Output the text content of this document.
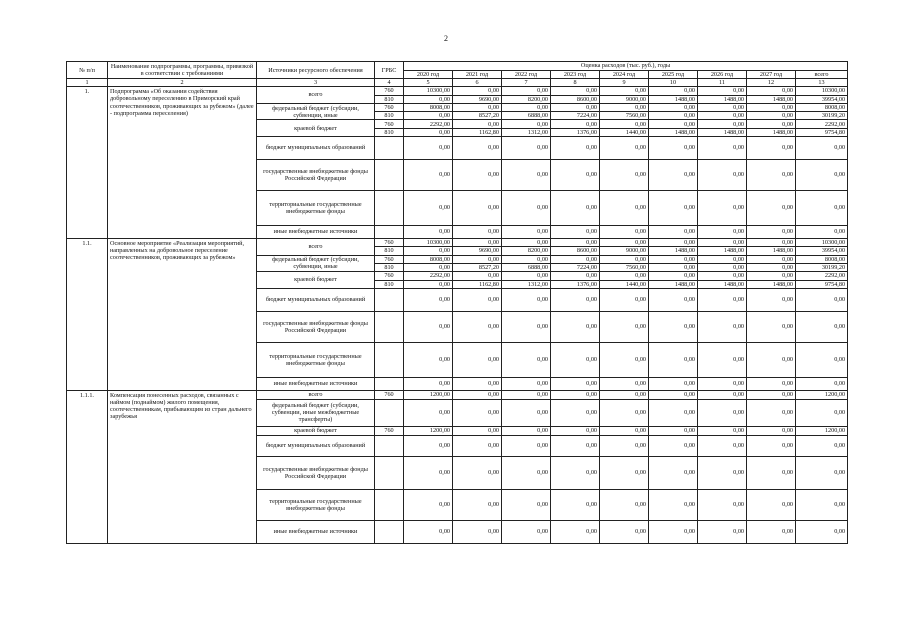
2
№ п/п	Наименование подпрограммы, программы, привязкой в соответствии с требованиями	Источники ресурсного обеспечения	ГРБС	Оценка расходов (тыс. руб.), годы								
				2020 год	2021 год	2022 год	2023 год	2024 год	2025 год	2026 год	2027 год	всего
1	2	3	4	5	6	7	8	9	10	11	12	13
1.	Подпрограмма «Об оказании содействия добровольному переселению в Приморский край соотечественников, проживающих за рубежом» (далее - подпрограмма переселения)	всего	760	10300,00	0,00	0,00	0,00	0,00	0,00	0,00	0,00	10300,00
			810	0,00	9690,00	8200,00	8600,00	9000,00	1488,00	1488,00	1488,00	39954,00
		федеральный бюджет (субсидии, субвенции, иные	760	8008,00	0,00	0,00	0,00	0,00	0,00	0,00	0,00	8008,00
			810	0,00	8527,20	6888,00	7224,00	7560,00	0,00	0,00	0,00	30199,20
		краевой бюджет	760	2292,00	0,00	0,00	0,00	0,00	0,00	0,00	0,00	2292,00
			810	0,00	1162,80	1312,00	1376,00	1440,00	1488,00	1488,00	1488,00	9754,80
		бюджет муниципальных образований		0,00	0,00	0,00	0,00	0,00	0,00	0,00	0,00	0,00
		государственные внебюджетные фонды Российской Федерации		0,00	0,00	0,00	0,00	0,00	0,00	0,00	0,00	0,00
		территориальные государственные внебюджетные фонды		0,00	0,00	0,00	0,00	0,00	0,00	0,00	0,00	0,00
		иные внебюджетные источники		0,00	0,00	0,00	0,00	0,00	0,00	0,00	0,00	0,00
1.1.	Основное мероприятие «Реализация мероприятий, направленных на добровольное переселение соотечественников, проживающих за рубежом»	всего	760	10300,00	0,00	0,00	0,00	0,00	0,00	0,00	0,00	10300,00
			810	0,00	9690,00	8200,00	8600,00	9000,00	1488,00	1488,00	1488,00	39954,00
		федеральный бюджет (субсидии, субвенции, иные	760	8008,00	0,00	0,00	0,00	0,00	0,00	0,00	0,00	8008,00
			810	0,00	8527,20	6888,00	7224,00	7560,00	0,00	0,00	0,00	30199,20
		краевой бюджет	760	2292,00	0,00	0,00	0,00	0,00	0,00	0,00	0,00	2292,00
			810	0,00	1162,80	1312,00	1376,00	1440,00	1488,00	1488,00	1488,00	9754,80
		бюджет муниципальных образований		0,00	0,00	0,00	0,00	0,00	0,00	0,00	0,00	0,00
		государственные внебюджетные фонды Российской Федерации		0,00	0,00	0,00	0,00	0,00	0,00	0,00	0,00	0,00
		территориальные государственные внебюджетные фонды		0,00	0,00	0,00	0,00	0,00	0,00	0,00	0,00	0,00
		иные внебюджетные источники		0,00	0,00	0,00	0,00	0,00	0,00	0,00	0,00	0,00
1.1.1.	Компенсация понесенных расходов, связанных с наймом (поднаймом) жилого помещения, соотечественникам, прибывающим из стран дальнего зарубежья	всего	760	1200,00	0,00	0,00	0,00	0,00	0,00	0,00	0,00	1200,00
		федеральный бюджет (субсидии, субвенции, иные межбюджетные трансферты)		0,00	0,00	0,00	0,00	0,00	0,00	0,00	0,00	0,00
		краевой бюджет	760	1200,00	0,00	0,00	0,00	0,00	0,00	0,00	0,00	1200,00
		бюджет муниципальных образований		0,00	0,00	0,00	0,00	0,00	0,00	0,00	0,00	0,00
		государственные внебюджетные фонды Российской Федерации		0,00	0,00	0,00	0,00	0,00	0,00	0,00	0,00	0,00
		территориальные государственные внебюджетные фонды		0,00	0,00	0,00	0,00	0,00	0,00	0,00	0,00	0,00
		иные внебюджетные источники		0,00	0,00	0,00	0,00	0,00	0,00	0,00	0,00	0,00
